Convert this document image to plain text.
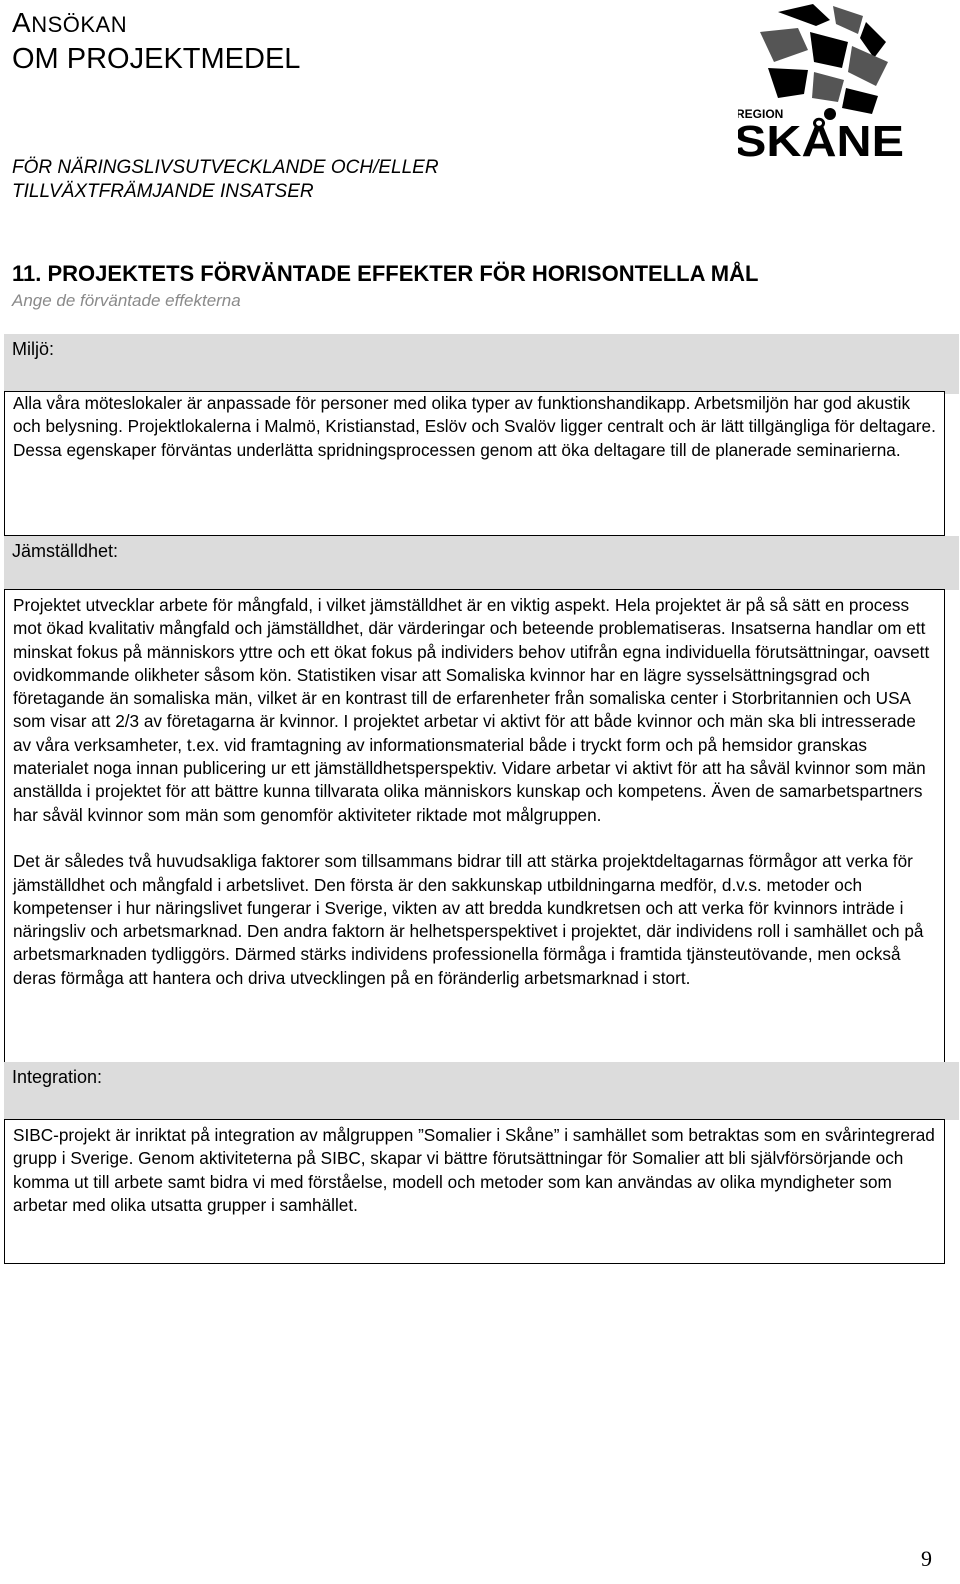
ANSÖKAN
OM PROJEKTMEDEL
REGION
SKÅNE
FÖR NÄRINGSLIVSUTVECKLANDE OCH/ELLER
TILLVÄXTFRÄMJANDE INSATSER
11. PROJEKTETS FÖRVÄNTADE EFFEKTER FÖR HORISONTELLA MÅL
Ange de förväntade effekterna
Miljö:

Alla våra möteslokaler är anpassade för personer med olika typer av funktionshandikapp. Arbetsmiljön har god akustik och belysning. Projektlokalerna i Malmö, Kristianstad, Eslöv och Svalöv ligger centralt och är lätt tillgängliga för deltagare. Dessa egenskaper förväntas underlätta spridningsprocessen genom att öka deltagare till de planerade seminarierna.

Jämställdhet:

Projektet utvecklar arbete för mångfald, i vilket jämställdhet är en viktig aspekt. Hela projektet är på så sätt en process mot ökad kvalitativ mångfald och jämställdhet, där värderingar och beteende problematiseras. Insatserna handlar om ett minskat fokus på människors yttre och ett ökat fokus på individers behov utifrån egna individuella förutsättningar, oavsett ovidkommande olikheter såsom kön. Statistiken visar att Somaliska kvinnor har en lägre sysselsättningsgrad och företagande än somaliska män, vilket är en kontrast till de erfarenheter från somaliska center i Storbritannien och USA som visar att 2/3 av företagarna är kvinnor. I projektet arbetar vi aktivt för att både kvinnor och män ska bli intresserade av våra verksamheter, t.ex. vid framtagning av informationsmaterial både i tryckt form och på hemsidor granskas materialet noga innan publicering ur ett jämställdhetsperspektiv. Vidare arbetar vi aktivt för att ha såväl kvinnor som män anställda i projektet för att bättre kunna tillvarata olika människors kunskap och kompetens. Även de samarbetspartners har såväl kvinnor som män som genomför aktiviteter riktade mot målgruppen.

Det är således två huvudsakliga faktorer som tillsammans bidrar till att stärka projektdeltagarnas förmågor att verka för jämställdhet och mångfald i arbetslivet. Den första är den sakkunskap utbildningarna medför, d.v.s. metoder och kompetenser i hur näringslivet fungerar i Sverige, vikten av att bredda kundkretsen och att verka för kvinnors inträde i näringsliv och arbetsmarknad. Den andra faktorn är helhetsperspektivet i projektet, där individens roll i samhället och på arbetsmarknaden tydliggörs. Därmed stärks individens professionella förmåga i framtida tjänsteutövande, men också deras förmåga att hantera och driva utvecklingen på en föränderlig arbetsmarknad i stort.

Integration:

SIBC-projekt är inriktat på integration av målgruppen ”Somalier i Skåne” i samhället som betraktas som en svårintegrerad grupp i Sverige. Genom aktiviteterna på SIBC, skapar vi bättre förutsättningar för Somalier att bli självförsörjande och komma ut till arbete samt bidra vi med förståelse, modell och metoder som kan användas av olika myndigheter som arbetar med olika utsatta grupper i samhället.

9
